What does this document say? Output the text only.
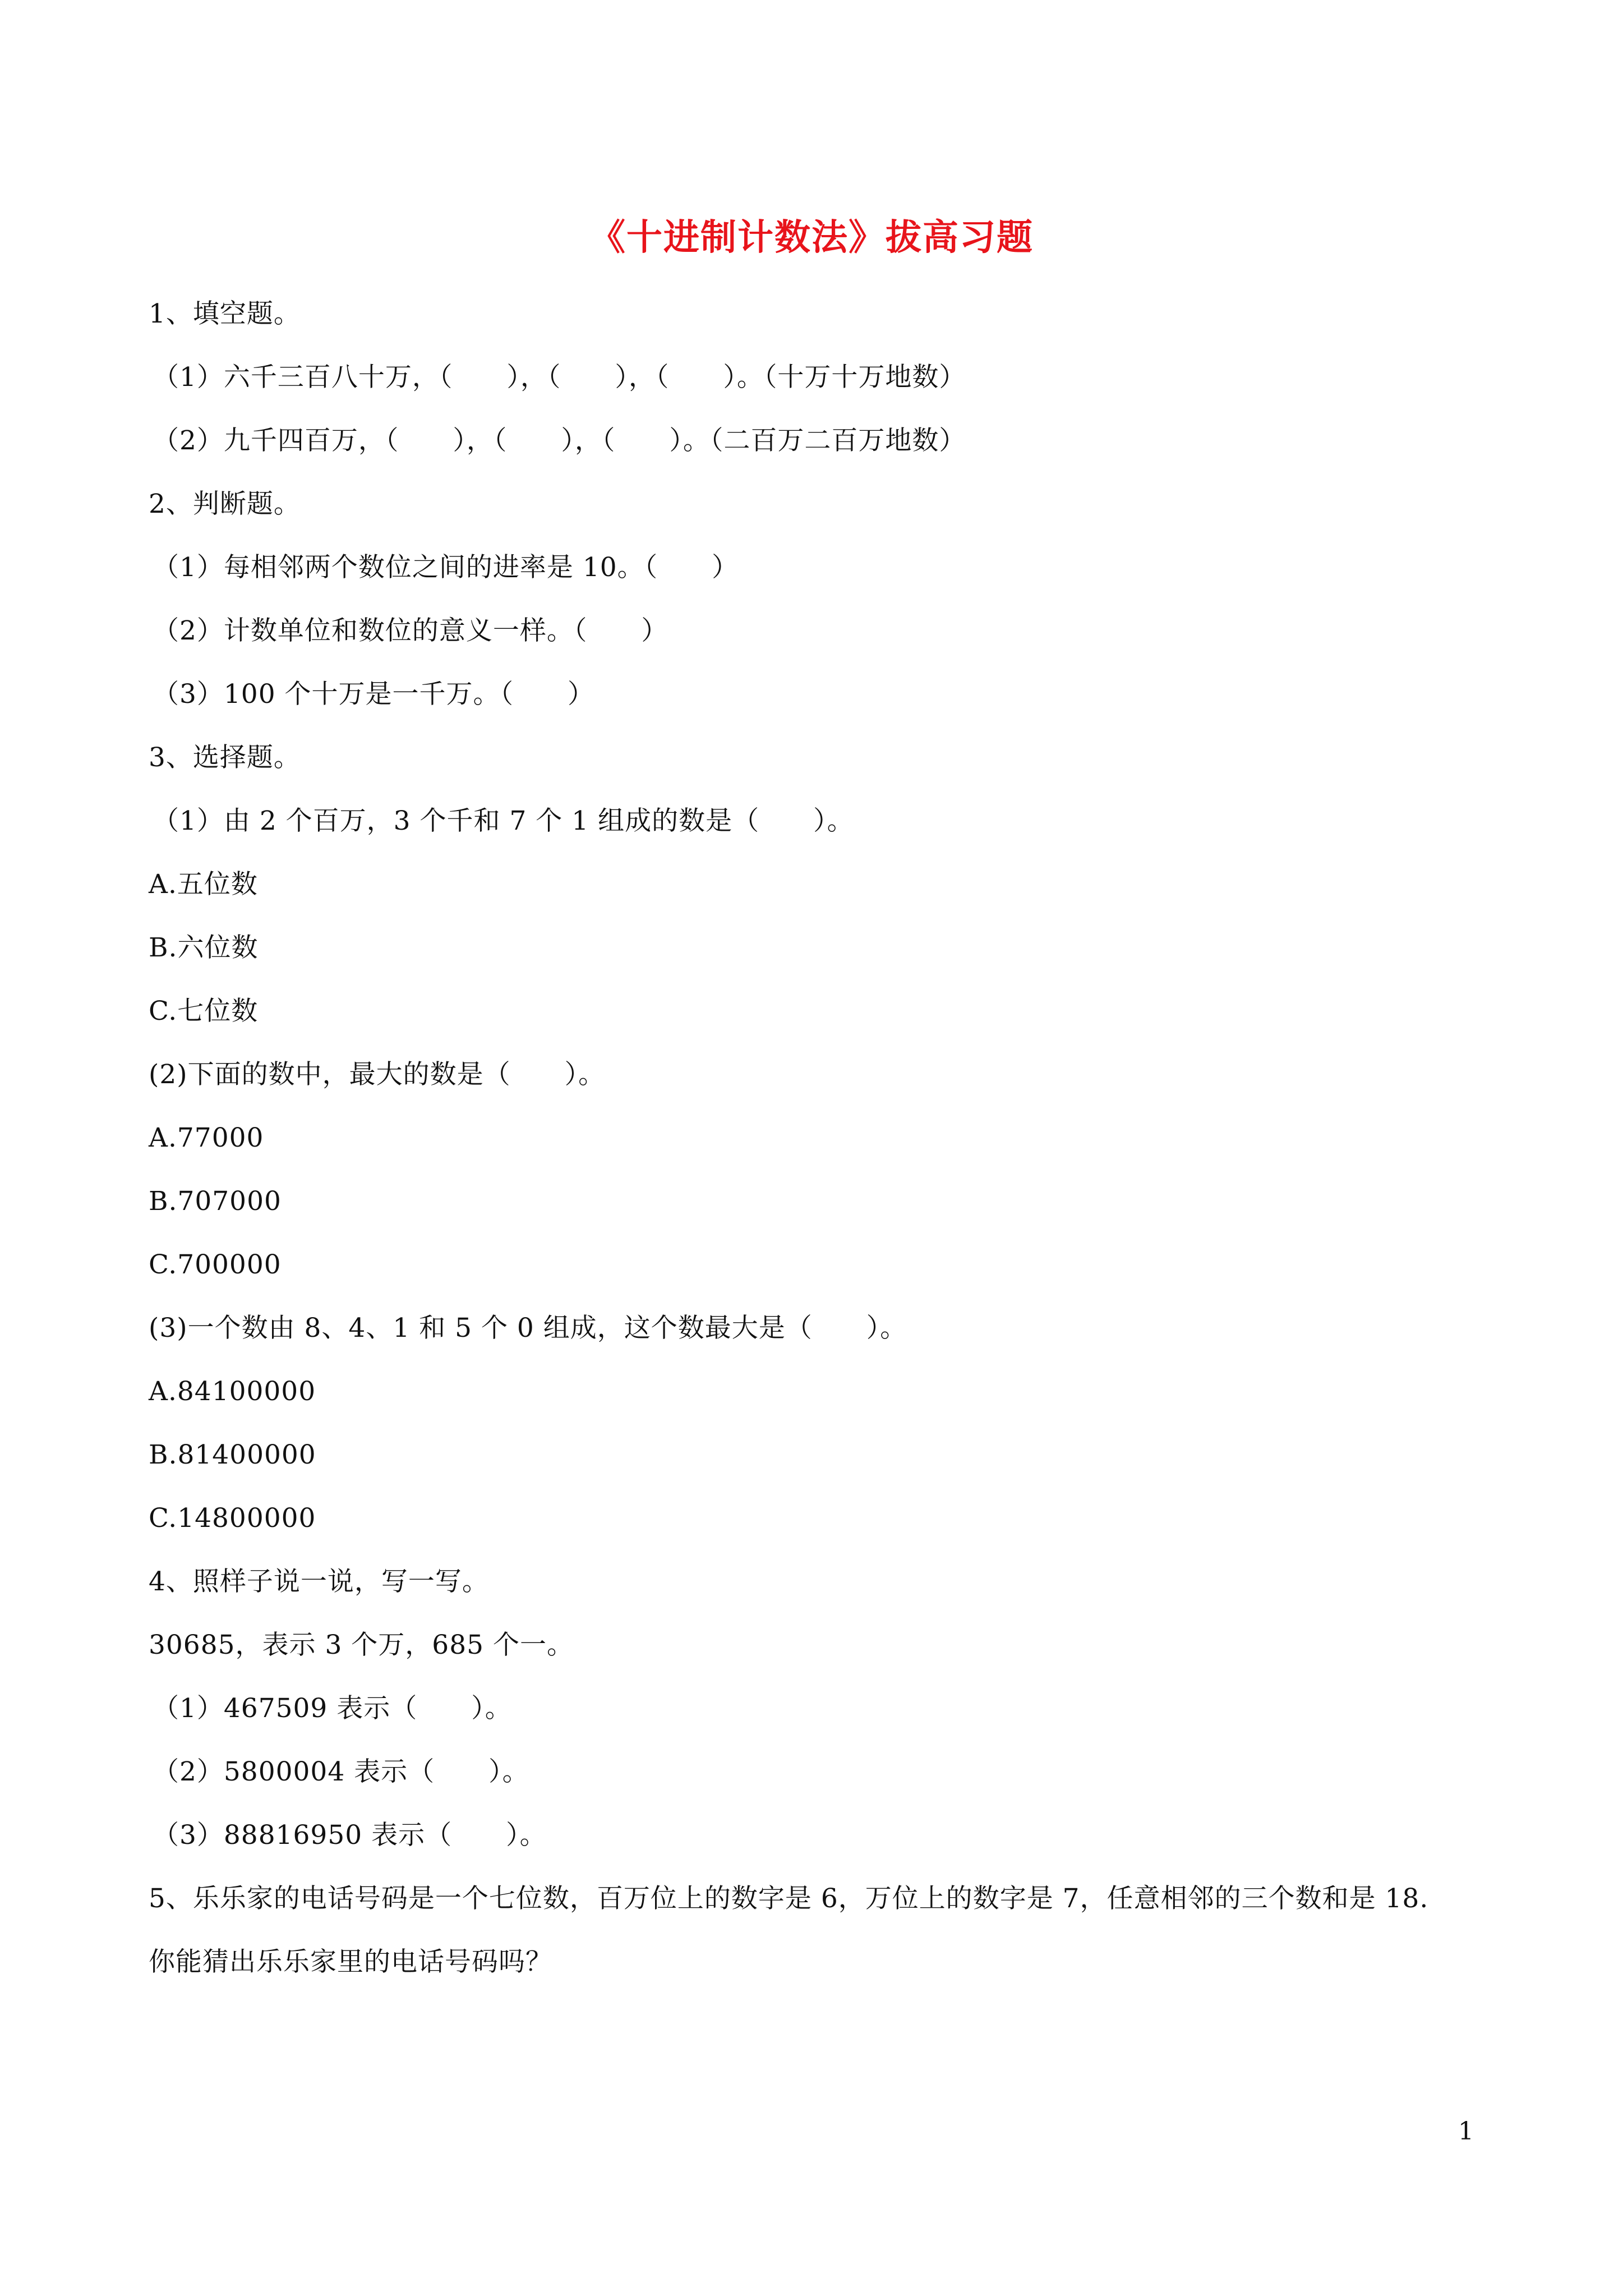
《十进制计数法》拔高习题
1、填空题。
（1）六千三百八十万，（　　），（　　），（　　）。（十万十万地数）
（2）九千四百万，（　　），（　　），（　　）。（二百万二百万地数）
2、判断题。
（1）每相邻两个数位之间的进率是 10。（　　）
（2）计数单位和数位的意义一样。（　　）
（3）100 个十万是一千万。（　　）
3、选择题。
（1）由 2 个百万，3 个千和 7 个 1 组成的数是（　　）。
A.五位数
B.六位数
C.七位数
(2)下面的数中，最大的数是（　　）。
A.77000
B.707000
C.700000
(3)一个数由 8、4、1 和 5 个 0 组成，这个数最大是（　　）。
A.84100000
B.81400000
C.14800000
4、照样子说一说，写一写。
30685，表示 3 个万，685 个一。
（1）467509 表示（　　）。
（2）5800004 表示（　　）。
（3）88816950 表示（　　）。
5、乐乐家的电话号码是一个七位数，百万位上的数字是 6，万位上的数字是 7，任意相邻的三个数和是 18.
你能猜出乐乐家里的电话号码吗？
1
